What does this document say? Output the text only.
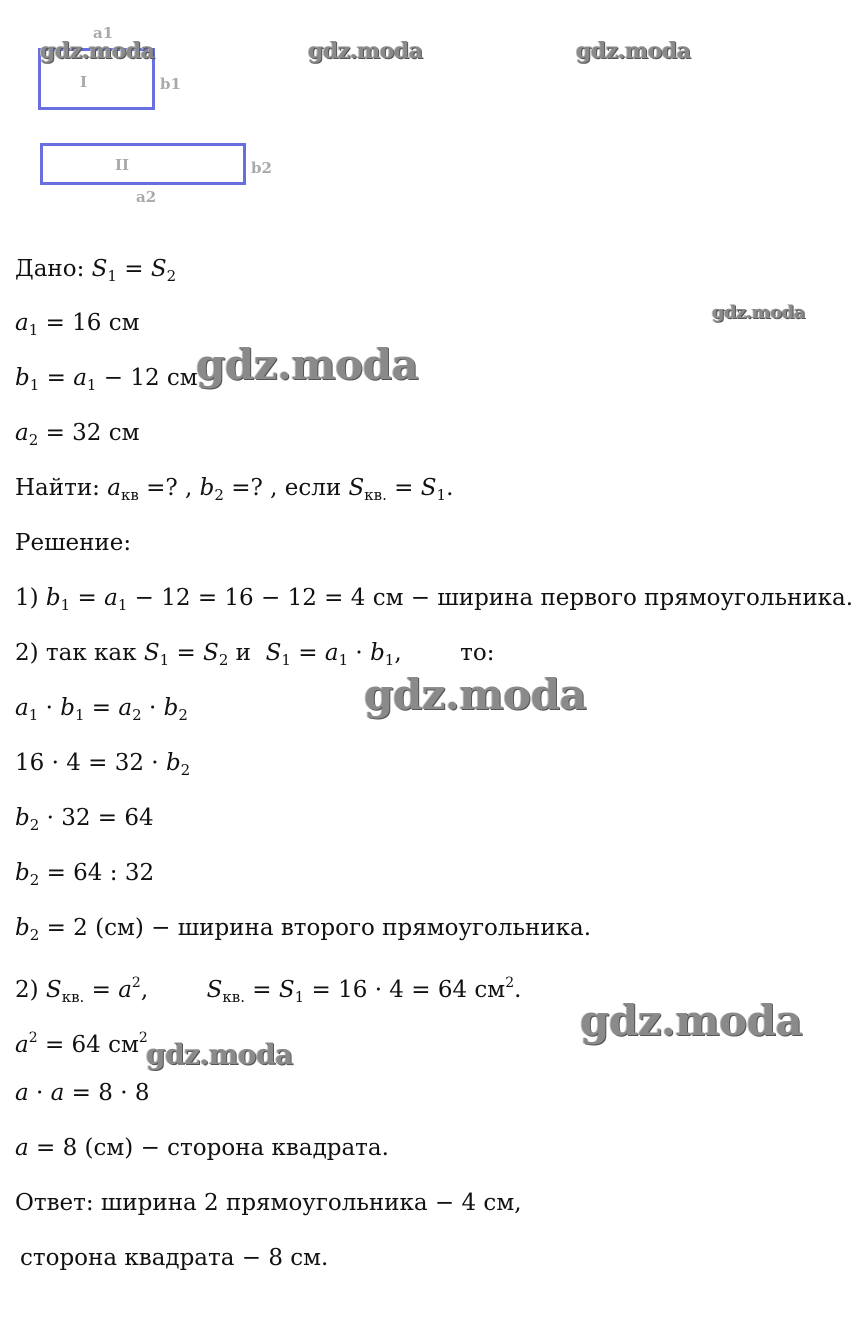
a1
I	b1
II	b2
a2
Дано: $S_1 = S_2$
$a_1 = 16$ см
$b_1 = a_1 - 12$ см
$a_2 = 32$ см
Найти: $a_{кв}$ =? , $b_2$ =? , если $S_{кв.} = S_1$.
Решение:
1) $b_1 = a_1 - 12 = 16 - 12 = 4$ см − ширина первого прямоугольника.
2) так как $S_1 = S_2$ и $S_1 = a_1 \cdot b_1$,        то:
$a_1 \cdot b_1 = a_2 \cdot b_2$
$16 \cdot 4 = 32 \cdot b_2$
$b_2 \cdot 32 = 64$
$b_2 = 64$ : 32
$b_2 = 2$ (см) − ширина второго прямоугольника.
2) $S_{кв.} = a^2$,        $S_{кв.} = S_1 = 16 \cdot 4 = 64$ $см^2$.
$a^2 = 64$ $см^2$
a · a = 8 · 8
a = 8 (см) − сторона квадрата.
Ответ: ширина 2 прямоугольника − 4 см,
сторона квадрата − 8 см.
gdz.moda	gdz.moda	gdz.moda
gdz.moda
gdz.moda
gdz.moda
gdz.moda
gdz.moda
